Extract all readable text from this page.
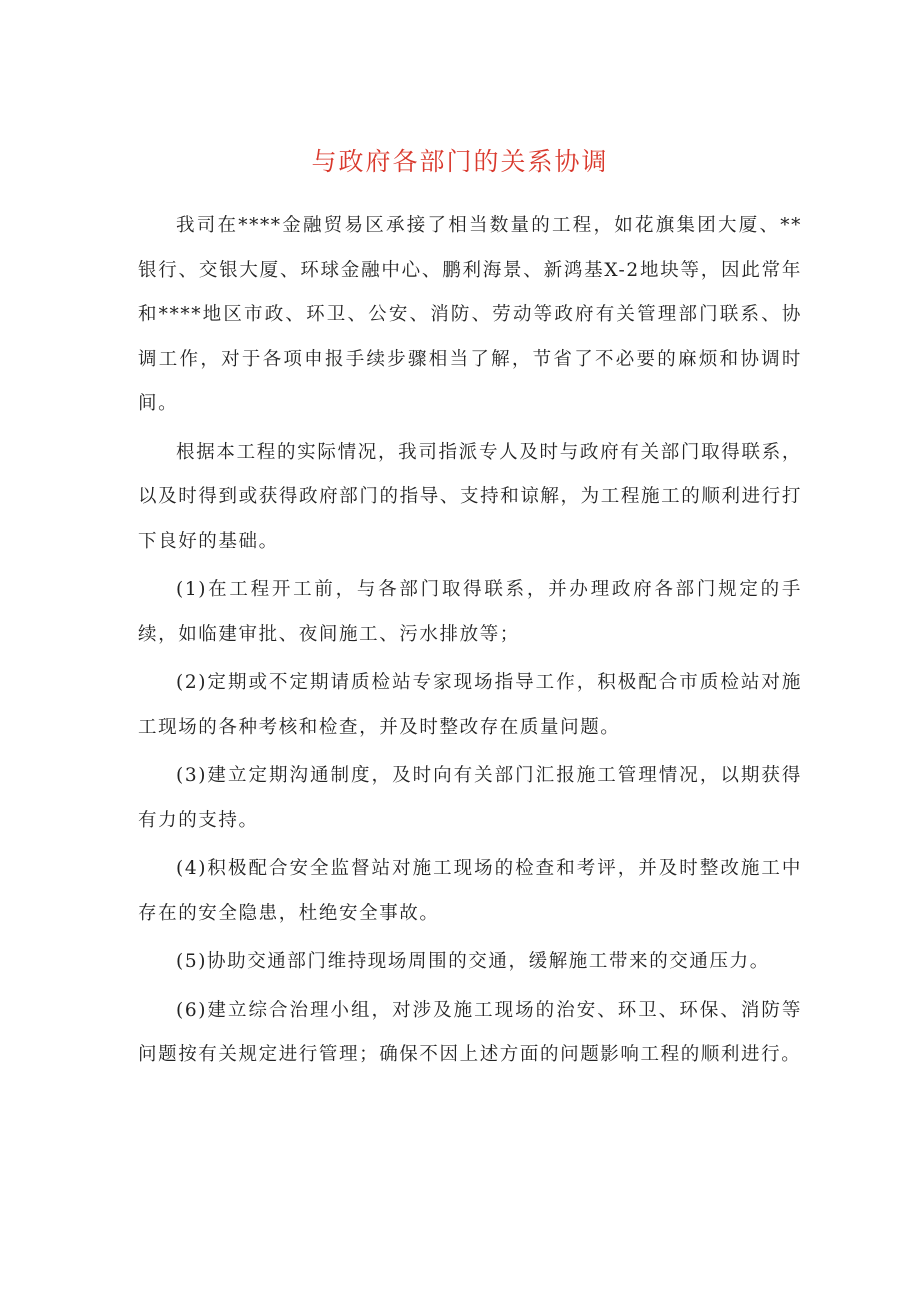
与政府各部门的关系协调

我司在****金融贸易区承接了相当数量的工程，如花旗集团大厦、**银行、交银大厦、环球金融中心、鹏利海景、新鸿基X-2地块等，因此常年和****地区市政、环卫、公安、消防、劳动等政府有关管理部门联系、协调工作，对于各项申报手续步骤相当了解，节省了不必要的麻烦和协调时间。

根据本工程的实际情况，我司指派专人及时与政府有关部门取得联系，以及时得到或获得政府部门的指导、支持和谅解，为工程施工的顺利进行打下良好的基础。

(1)在工程开工前，与各部门取得联系，并办理政府各部门规定的手续，如临建审批、夜间施工、污水排放等；

(2)定期或不定期请质检站专家现场指导工作，积极配合市质检站对施工现场的各种考核和检查，并及时整改存在质量问题。

(3)建立定期沟通制度，及时向有关部门汇报施工管理情况，以期获得有力的支持。

(4)积极配合安全监督站对施工现场的检查和考评，并及时整改施工中存在的安全隐患，杜绝安全事故。

(5)协助交通部门维持现场周围的交通，缓解施工带来的交通压力。

(6)建立综合治理小组，对涉及施工现场的治安、环卫、环保、消防等问题按有关规定进行管理；确保不因上述方面的问题影响工程的顺利进行。
